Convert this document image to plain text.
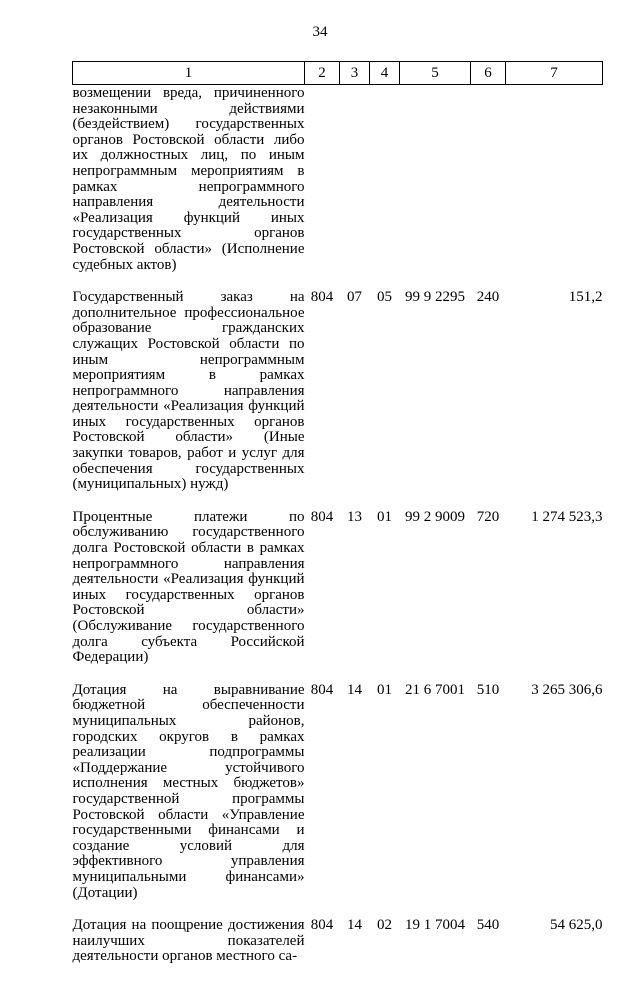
34
1	2	3	4	5	6	7
возмещении вреда, причиненного незаконными действиями (бездействием) государственных органов Ростовской области либо их должностных лиц, по иным непрограммным мероприятиям в рамках непрограммного направления деятельности «Реализация функций иных государственных органов Ростовской области» (Исполнение судебных актов)						
Государственный заказ на дополнительное профессиональное образование гражданских служащих Ростовской области по иным непрограммным мероприятиям в рамках непрограммного направления деятельности «Реализация функций иных государственных органов Ростовской области» (Иные закупки товаров, работ и услуг для обеспечения государственных (муниципальных) нужд)	804	07	05	99 9 2295	240	151,2
Процентные платежи по обслуживанию государственного долга Ростовской области в рамках непрограммного направления деятельности «Реализация функций иных государственных органов Ростовской области» (Обслуживание государственного долга субъекта Российской Федерации)	804	13	01	99 2 9009	720	1 274 523,3
Дотация на выравнивание бюджетной обеспеченности муниципальных районов, городских округов в рамках реализации подпрограммы «Поддержание устойчивого исполнения местных бюджетов» государственной программы Ростовской области «Управление государственными финансами и создание условий для эффективного управления муниципальными финансами» (Дотации)	804	14	01	21 6 7001	510	3 265 306,6
Дотация на поощрение достижения наилучших показателей деятельности органов местного са-	804	14	02	19 1 7004	540	54 625,0
